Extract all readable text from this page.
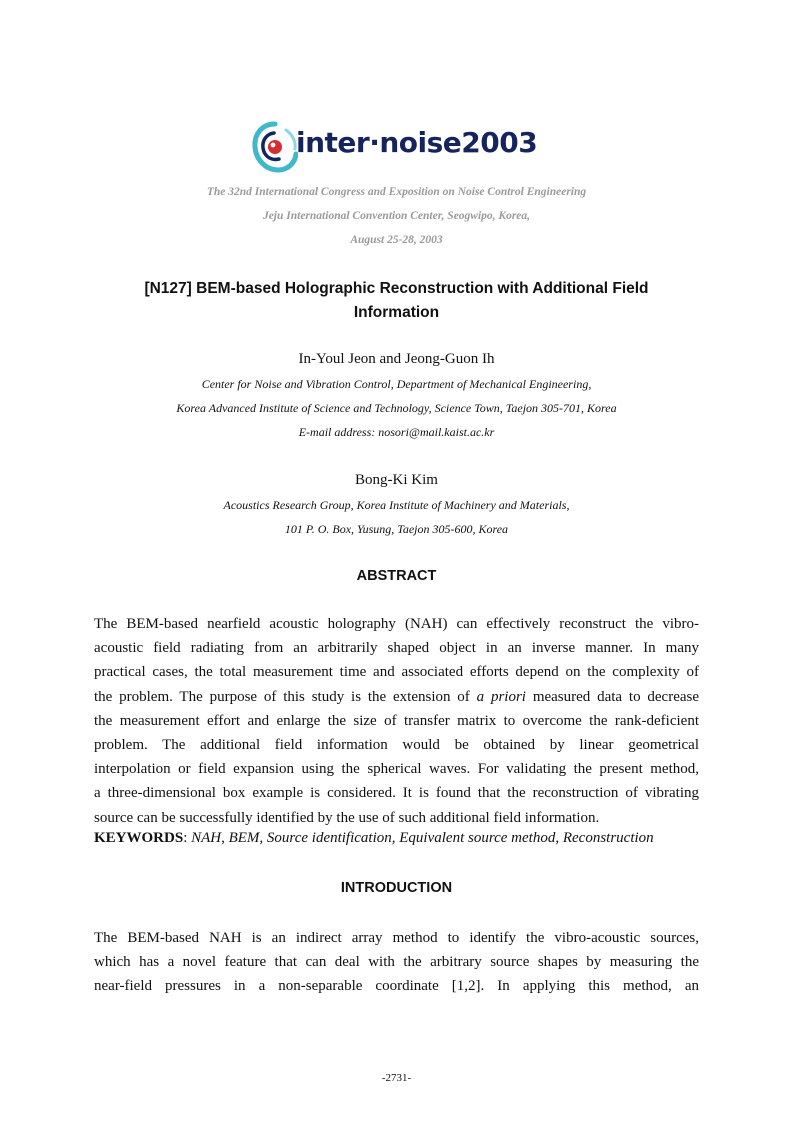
inter·noise2003
The 32nd International Congress and Exposition on Noise Control Engineering
Jeju International Convention Center, Seogwipo, Korea,
August 25-28, 2003
[N127] BEM-based Holographic Reconstruction with Additional Field
Information
In-Youl Jeon and Jeong-Guon Ih
Center for Noise and Vibration Control, Department of Mechanical Engineering,
Korea Advanced Institute of Science and Technology, Science Town, Taejon 305-701, Korea
E-mail address: nosori@mail.kaist.ac.kr
Bong-Ki Kim
Acoustics Research Group, Korea Institute of Machinery and Materials,
101 P. O. Box, Yusung, Taejon 305-600, Korea
ABSTRACT
The BEM-based nearfield acoustic holography (NAH) can effectively reconstruct the vibro-
acoustic field radiating from an arbitrarily shaped object in an inverse manner. In many
practical cases, the total measurement time and associated efforts depend on the complexity of
the problem. The purpose of this study is the extension of a priori measured data to decrease
the measurement effort and enlarge the size of transfer matrix to overcome the rank-deficient
problem. The additional field information would be obtained by linear geometrical
interpolation or field expansion using the spherical waves. For validating the present method,
a three-dimensional box example is considered. It is found that the reconstruction of vibrating
source can be successfully identified by the use of such additional field information.
KEYWORDS: NAH, BEM, Source identification, Equivalent source method, Reconstruction
INTRODUCTION
The BEM-based NAH is an indirect array method to identify the vibro-acoustic sources,
which has a novel feature that can deal with the arbitrary source shapes by measuring the
near-field pressures in a non-separable coordinate [1,2]. In applying this method, an
-2731-
